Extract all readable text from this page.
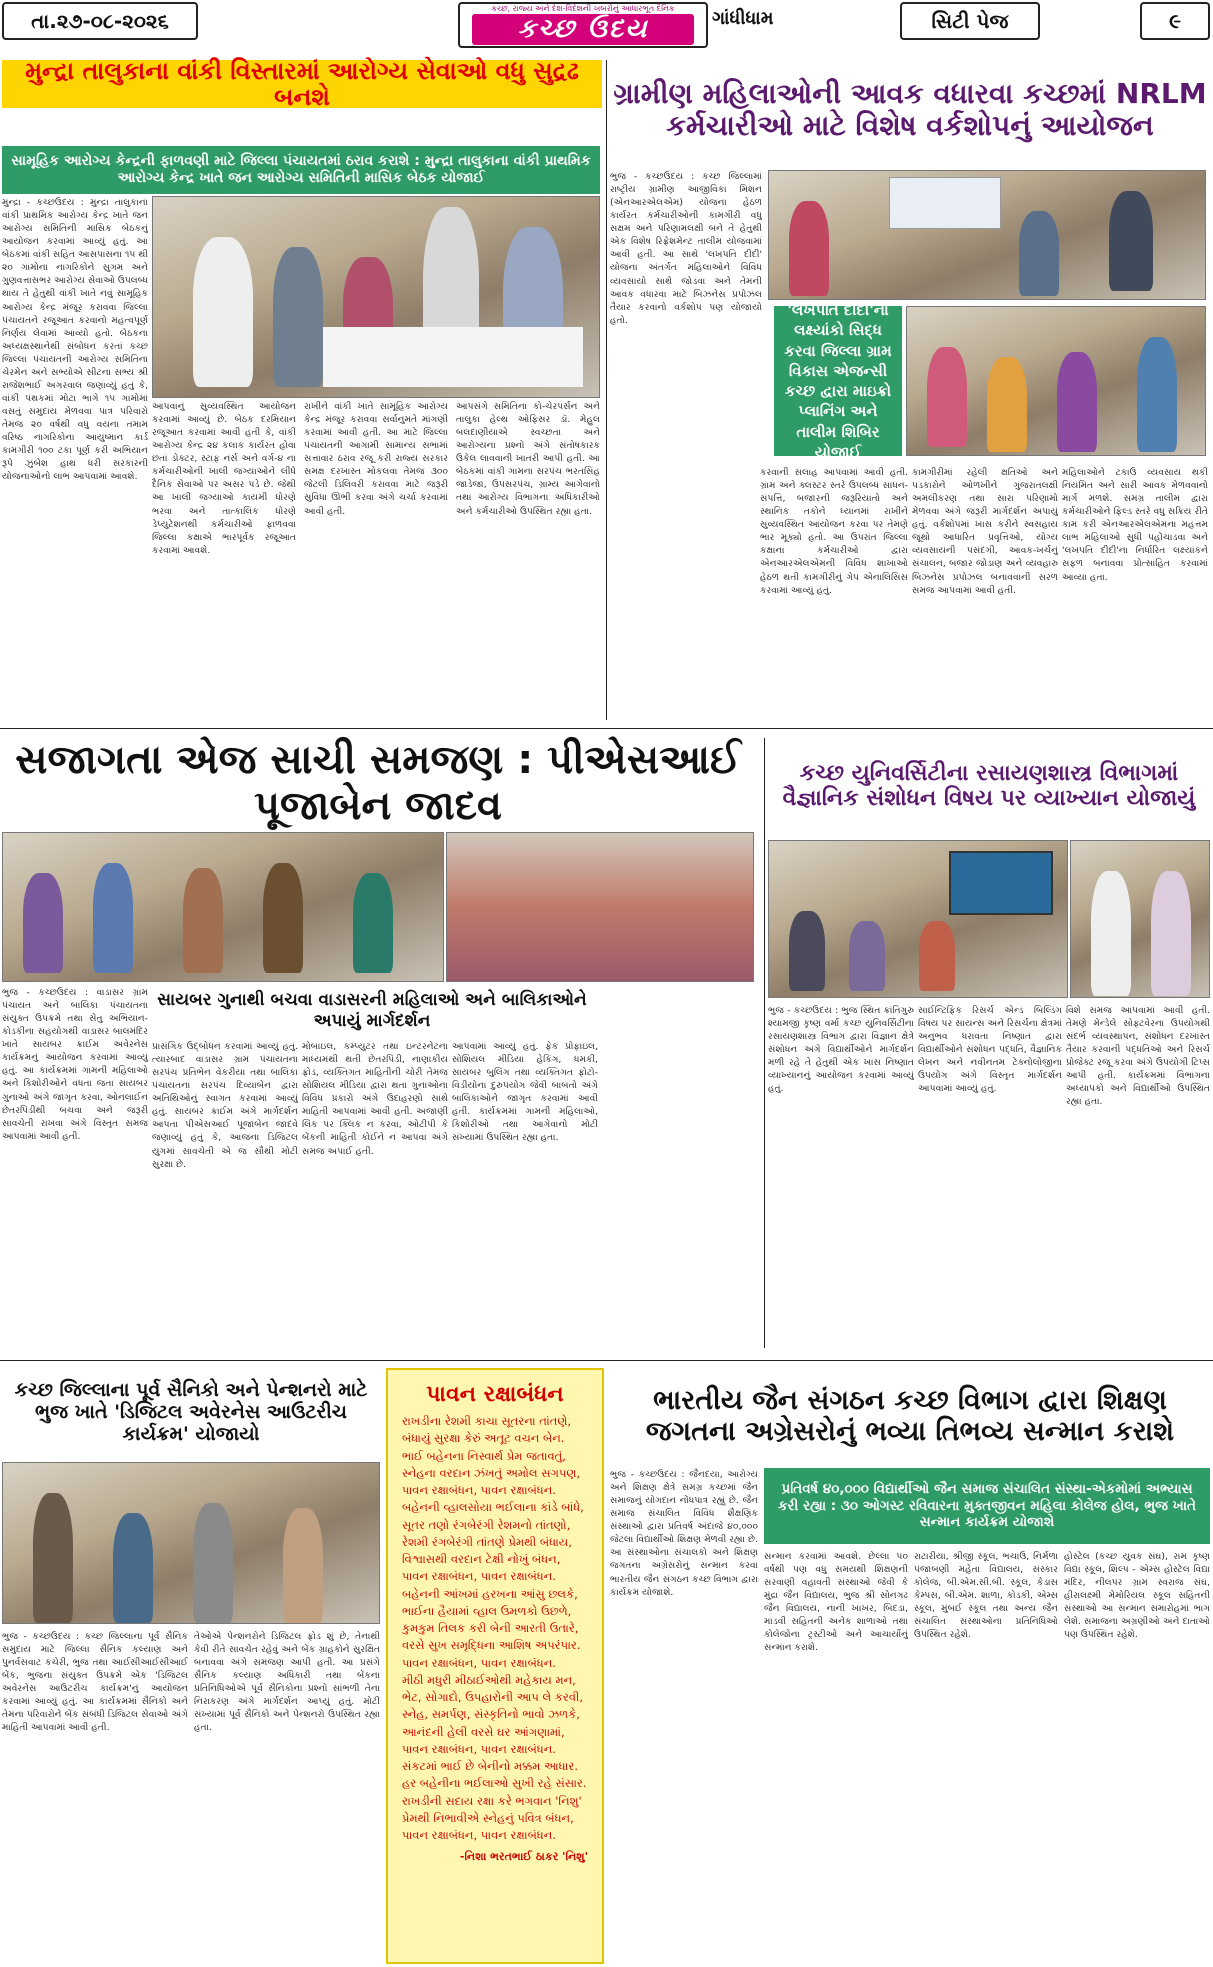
તા.૨૭-૦૮-૨૦૨૬
કચ્છ, રાજ્ય અને દેશ-વિદેશની ખબરોનું આધારભૂત દૈનિક
કચ્છ ઉદય	ગાંધીધામ	સિટી પેજ	૯
મુન્દ્રા તાલુકાના વાંકી વિસ્તારમાં આરોગ્ય સેવાઓ વધુ સુદ્રઢ બનશે
સામૂહિક આરોગ્ય કેન્દ્રની ફાળવણી માટે જિલ્લા પંચાયતમાં ઠરાવ કરાશે : મુન્દ્રા તાલુકાના વાંકી પ્રાથમિક આરોગ્ય કેન્દ્ર ખાતે જન આરોગ્ય સમિતિની માસિક બેઠક યોજાઈ

મુન્દ્રા - કચ્છઉદય : મુન્દ્રા તાલુકાના વાંકી પ્રાથમિક આરોગ્ય કેન્દ્ર ખાતે જન આરોગ્ય સમિતિની માસિક બેઠકનું આયોજન કરવામાં આવ્યું હતું. આ બેઠકમાં વાંકી સહિત આસપાસના ૧૫ થી ૨૦ ગામોના નાગરિકોને સુગમ અને ગુણવત્તાસભર આરોગ્ય સેવાઓ ઉપલબ્ધ થાય તે હેતુથી વાંકી ખાતે નવું સામૂહિક આરોગ્ય કેન્દ્ર મંજૂર કરાવવા જિલ્લા પંચાયતને રજૂઆત કરવાનો મહત્વપૂર્ણ નિર્ણય લેવામાં આવ્યો હતો. બેઠકના અધ્યક્ષસ્થાનેથી સંબોધન કરતાં કચ્છ જિલ્લા પંચાયતની આરોગ્ય સમિતિના ચેરમેન અને સભ્યોએ સીટના સભ્ય શ્રી રાજેશભાઈ અગરવાલ જણાવ્યું હતું કે, વાંકી પંથકમાં મોટા ભાગે ૧૫ ગામોમાં વસતું સમુદાય મેળવવા પાત્ર પરિવારો તેમજ ૨૦ વર્ષથી વધુ વયના તમામ વરિષ્ઠ નાગરિકોના આયુષ્માન કાર્ડ કામગીરી ૧૦૦ ટકા પૂર્ણ કરી અભિયાન રૂપે ઝુંબેશ હાથ ધરી સરકારની યોજનાઓનો લાભ આપવામાં આવશે.

આપવાનું સુવ્યવસ્થિત આયોજન કરવામાં આવ્યું છે. બેઠક દરમિયાન રજૂઆત કરવામાં આવી હતી કે, વાંકી આરોગ્ય કેન્દ્ર ૨૪ કલાક કાર્યરત હોવા છતાં ડોક્ટર, સ્ટાફ નર્સ અને વર્ગ-૪ ના કર્મચારીઓની ખાલી જગ્યાઓને લીધે દૈનિક સેવાઓ પર અસર પડે છે. જેથી આ ખાલી જગ્યાઓ કાયમી ધોરણે ભરવા અને તાત્કાલિક ધોરણે ડેપ્યુટેશનથી કર્મચારીઓ ફાળવવા જિલ્લા કક્ષાએ ભારપૂર્વક રજૂઆત કરવામાં આવશે.

રાખીને વાંકી ખાતે સામૂહિક આરોગ્ય કેન્દ્ર મંજૂર કરાવવા સર્વાનુમતે માંગણી કરવામાં આવી હતી. આ માટે જિલ્લા પંચાયતની આગામી સામાન્ય સભામાં સત્તાવાર ઠરાવ રજૂ કરી રાજ્ય સરકાર સમક્ષ દરખાસ્ત મોકલવા તેમજ ૩૦૦ જેટલી ડિલિવરી કરાવવા માટે જરૂરી સુવિધા ઊભી કરવા અંગે ચર્ચા કરવામાં આવી હતી.

આપસંગે સમિતિના કો-ચેરપર્સન અને તાલુકા હેલ્થ ઓફિસર ડૉ. મેહુલ બલદાણીયાએ સ્વચ્છતા અને આરોગ્યના પ્રશ્નો અંગે સંતોષકારક ઉકેલ લાવવાની ખાતરી આપી હતી. આ બેઠકમાં વાંકી ગામના સરપંચ ભરતસિંહ જાડેજા, ઉપસરપંચ, ગ્રામ્ય આગેવાનો તથા આરોગ્ય વિભાગના અધિકારીઓ અને કર્મચારીઓ ઉપસ્થિત રહ્યા હતા.

ગ્રામીણ મહિલાઓની આવક વધારવા કચ્છમાં NRLM કર્મચારીઓ માટે વિશેષ વર્કશોપનું આયોજન

ભુજ - કચ્છઉદય : કચ્છ જિલ્લામાં રાષ્ટ્રીય ગ્રામીણ આજીવિકા મિશન (એનઆરએલએમ) યોજના હેઠળ કાર્યરત કર્મચારીઓની કામગીરી વધુ સક્ષમ અને પરિણામલક્ષી બને તે હેતુથી એક વિશેષ રિફ્રેશમેન્ટ તાલીમ યોજવામાં આવી હતી. આ સાથે 'લખપતિ દીદી' યોજના અંતર્ગત મહિલાઓને વિવિધ વ્યવસાયો સાથે જોડવા અને તેમની આવક વધારવા માટે બિઝનેસ પ્રપોઝલ તૈયાર કરવાનો વર્કશોપ પણ યોજાયો હતો.

'લખપતિ દીદી'ના લક્ષ્યાંકો સિદ્ધ કરવા જિલ્લા ગ્રામ વિકાસ એજન્સી કચ્છ દ્વારા માઇક્રો પ્લાનિંગ અને તાલીમ શિબિર યોજાઈ

કરવાની સલાહ આપવામાં આવી હતી. ગ્રામ અને ક્લસ્ટર સ્તરે ઉપલબ્ધ સાધન-સંપત્તિ, બજારની જરૂરિયાતો અને સ્થાનિક તકોને ધ્યાનમાં રાખીને સુવ્યવસ્થિત આયોજન કરવા પર તેમણે ભાર મૂક્યો હતો. આ ઉપરાંત જિલ્લા કક્ષાના કર્મચારીઓ દ્વારા એનઆરએલએમની વિવિધ શાખાઓ હેઠળ થતી કામગીરીનું ગેપ એનાલિસિસ કરવામાં આવ્યું હતું.

કામગીરીમાં રહેલી ક્ષતિઓ અને પડકારોને ઓળખીને ગુજરાતલક્ષી અમલીકરણ તથા સારા પરિણામો મેળવવા અંગે જરૂરી માર્ગદર્શન અપાયું હતું. વર્કશોપમાં ખાસ કરીને સ્વસહાય જૂથો આધારિત પ્રવૃત્તિઓ, યોગ્ય વ્યવસાયની પસંદગી, આવક-ખર્ચનું સંચાલન, બજાર જોડાણ અને વ્યવહારુ બિઝનેસ પ્રપોઝલ બનાવવાની સરળ સમજ આપવામાં આવી હતી.

મહિલાઓને ટકાઉ વ્યવસાય થકી નિયમિત અને સારી આવક મેળવવાનો માર્ગ મળશે. સમગ્ર તાલીમ દ્વારા કર્મચારીઓને ફિલ્ડ સ્તરે વધુ સક્રિય રીતે કામ કરી એનઆરએલએમના મહત્તમ લાભ મહિલાઓ સુધી પહોંચાડવા અને 'લખપતિ દીદી'ના નિર્ધારિત લક્ષ્યાંકને સફળ બનાવવા પ્રોત્સાહિત કરવામાં આવ્યા હતા.

સજાગતા એજ સાચી સમજણ : પીએસઆઈ પૂજાબેન જાદવ
સાયબર ગુનાથી બચવા વાડાસરની મહિલાઓ અને બાલિકાઓને અપાયું માર્ગદર્શન

ભુજ - કચ્છઉદય : વાડાસર ગ્રામ પંચાયત અને બાલિકા પંચાયતના સંયુક્ત ઉપક્રમે તથા સેતુ અભિયાન-કોડકીના સહયોગથી વાડાસર બાલમંદિર ખાતે સાયબર ક્રાઈમ અવેરનેસ કાર્યક્રમનું આયોજન કરવામાં આવ્યું હતું. આ કાર્યક્રમમાં ગામની મહિલાઓ અને કિશોરીઓને વધતા જતા સાયબર ગુનાઓ અંગે જાગૃત કરવા, ઓનલાઈન છેતરપિંડીથી બચવા અને જરૂરી સાવચેતી રાખવા અંગે વિસ્તૃત સમજ આપવામાં આવી હતી.

પ્રાસંગિક ઉદ્બોધન કરવામાં આવ્યું હતું. ત્યારબાદ વાડાસર ગ્રામ પંચાયતના સરપંચ પ્રતિભેન વેકરીયા તથા બાલિકા પંચાયતના સરપંચ દિવ્યાબેન દ્વારા અતિથિઓનું સ્વાગત કરવામાં આવ્યું હતું. સાયબર ક્રાઈમ અંગે માર્ગદર્શન આપતા પીએસઆઈ પૂજાબેન જાદવે જણાવ્યું હતું કે, આજના ડિજિટલ યુગમાં સાવચેતી એ જ સૌથી મોટી સુરક્ષા છે.

મોબાઇલ, કમ્પ્યુટર તથા ઇન્ટરનેટના માધ્યમથી થતી છેતરપિંડી, નાણાકીય ફ્રોડ, વ્યક્તિગત માહિતીની ચોરી તેમજ સોશિયલ મીડિયા દ્વારા થતા ગુનાઓના વિવિધ પ્રકારો અંગે ઉદાહરણો સાથે માહિતી આપવામાં આવી હતી. અજાણી લિંક પર ક્લિક ન કરવા, ઓટીપી કે બેંકની માહિતી કોઈને ન આપવા અંગે સમજ અપાઈ હતી.

આપવામાં આવ્યું હતું. ફેક પ્રોફાઇલ, સોશિયલ મીડિયા હેકિંગ, ધમકી, સાયબર બુલિંગ તથા વ્યક્તિગત ફોટો-વિડીયોના દુરુપયોગ જેવી બાબતો અંગે બાલિકાઓને જાગૃત કરવામાં આવી હતી. કાર્યક્રમમાં ગામની મહિલાઓ, કિશોરીઓ તથા આગેવાનો મોટી સંખ્યામાં ઉપસ્થિત રહ્યા હતા.

કચ્છ યુનિવર્સિટીના રસાયણશાસ્ત્ર વિભાગમાં વૈજ્ઞાનિક સંશોધન વિષય પર વ્યાખ્યાન યોજાયું

ભુજ - કચ્છઉદય : ભુજ સ્થિત ક્રાંતિગુરુ શ્યામજી કૃષ્ણ વર્મા કચ્છ યુનિવર્સિટીના રસાયણશાસ્ત્ર વિભાગ દ્વારા વિજ્ઞાન ક્ષેત્રે સંશોધન અંગે વિદ્યાર્થીઓને માર્ગદર્શન મળી રહે તે હેતુથી એક ખાસ નિષ્ણાત વ્યાખ્યાનનું આયોજન કરવામાં આવ્યું હતું.

સાઈન્ટિફિક રિસર્ચ એન્ડ બિલ્ડિંગ વિષય પર સાયન્સ અને રિસર્ચના ક્ષેત્રમાં અનુભવ ધરાવતા નિષ્ણાત દ્વારા વિદ્યાર્થીઓને સંશોધન પદ્ધતિ, વૈજ્ઞાનિક લેખન અને નવીનતમ ટેક્નોલોજીના ઉપયોગ અંગે વિસ્તૃત માર્ગદર્શન આપવામાં આવ્યું હતું.

વિશે સમજ આપવામાં આવી હતી. તેમણે મેન્ડેલે સોફ્ટવેરના ઉપયોગથી સંદર્ભ વ્યવસ્થાપન, સંશોધન દરખાસ્ત તૈયાર કરવાની પદ્ધતિઓ અને રિસર્ચ પ્રોજેક્ટ રજૂ કરવા અંગે ઉપયોગી ટિપ્સ આપી હતી. કાર્યક્રમમાં વિભાગના અધ્યાપકો અને વિદ્યાર્થીઓ ઉપસ્થિત રહ્યા હતા.

કચ્છ જિલ્લાના પૂર્વ સૈનિકો અને પેન્શનરો માટે ભુજ ખાતે 'ડિજિટલ અવેરનેસ આઉટરીચ કાર્યક્રમ' યોજાયો

ભુજ - કચ્છઉદય : કચ્છ જિલ્લાના પૂર્વ સૈનિક સમુદાય માટે જિલ્લા સૈનિક કલ્યાણ અને પુનર્વસવાટ કચેરી, ભુજ તથા આઈસીઆઈસીઆઈ બેંક, ભુજના સંયુક્ત ઉપક્રમે એક 'ડિજિટલ અવેરનેસ આઉટરીચ કાર્યક્રમ'નું આયોજન કરવામાં આવ્યું હતું. આ કાર્યક્રમમાં સૈનિકો અને તેમના પરિવારોને બેંક સંબંધી ડિજિટલ સેવાઓ અંગે માહિતી આપવામાં આવી હતી.

તેઓએ પેન્શનરોને ડિજિટલ ફ્રોડ શું છે, તેનાથી કેવી રીતે સાવચેત રહેવું અને બેંક ગ્રાહકોને સુરક્ષિત બનાવવા અંગે સમજણ આપી હતી. આ પ્રસંગે સૈનિક કલ્યાણ અધિકારી તથા બેંકના પ્રતિનિધિઓએ પૂર્વ સૈનિકોના પ્રશ્નો સાંભળી તેના નિરાકરણ અંગે માર્ગદર્શન આપ્યું હતું. મોટી સંખ્યામાં પૂર્વ સૈનિકો અને પેન્શનરો ઉપસ્થિત રહ્યા હતા.

પાવન રક્ષાબંધન
રાખડીના રેશમી કાચા સૂતરના તાંતણે,
બંધાયું સુરક્ષા કેરું અતૂટ વચન બેન.
ભાઈ બહેનના નિસ્વાર્થ પ્રેમ જતાવતું,
સ્નેહના વરદાન ઝંખતું અમોલ સગપણ,
પાવન રક્ષાબંધન, પાવન રક્ષાબંધન.
બહેનની વ્હાલસોયા ભઈલાના કાંડે બાંધે,
સૂતર તણો રંગબેરંગી રેશમનો તાંતણો,
રેશમી રંગબેરંગી તાંતણે પ્રેમથી બંધાય,
વિશ્વાસથી વરદાન ટેક્ષી નોખું બંધન,
પાવન રક્ષાબંધન, પાવન રક્ષાબંધન.
બહેનની આંખમાં હરખના આંસુ છલકે,
ભાઈના હૈયામાં વ્હાલ ઉમળકો ઉછળે,
કુમકુમ તિલક કરી બેની આરતી ઉતારે,
વરસે સુખ સમૃદ્ધિના આશિષ અપરંપાર.
પાવન રક્ષાબંધન, પાવન રક્ષાબંધન.
મીઠી મધુરી મીઠાઈઓથી મહેકાય મન,
ભેટ, સોગાદો, ઉપહારોની આપ લે કરવી,
સ્નેહ, સમર્પણ, સંસ્કૃતિનો ભાવો ઝળકે,
આનંદની હેલી વરસે ઘર આંગણામાં,
પાવન રક્ષાબંધન, પાવન રક્ષાબંધન.
સંકટમાં ભાઈ છે બેનીનો મક્કમ આધાર.
હર બહેનીના ભઈલાઓ સુખી રહે સંસાર.
રાખડીની સદાય રક્ષા કરે ભગવાન 'નિશુ'
પ્રેમથી નિભાવીએ સ્નેહનું પવિત્ર બંધન,
પાવન રક્ષાબંધન, પાવન રક્ષાબંધન.
-નિશા ભરતભાઈ ઠાકર 'નિશુ'
ભારતીય જૈન સંગઠન કચ્છ વિભાગ દ્વારા શિક્ષણ જગતના અગ્રેસરોનું ભવ્યા તિભવ્ય સન્માન કરાશે
પ્રતિવર્ષ ૪૦,૦૦૦ વિદ્યાર્થીઓ જૈન સમાજ સંચાલિત સંસ્થા-એકમોમાં અભ્યાસ કરી રહ્યા : ૩૦ ઓગસ્ટ રવિવારના મુક્તજીવન મહિલા કોલેજ હોલ, ભુજ ખાતે સન્માન કાર્યક્રમ યોજાશે

ભુજ - કચ્છઉદય : જૈનદયા, આરોગ્ય અને શિક્ષણ ક્ષેત્રે સમગ્ર કચ્છમાં જૈન સમાજનું યોગદાન નોંધપાત્ર રહ્યું છે. જૈન સમાજ સંચાલિત વિવિધ શૈક્ષણિક સંસ્થાઓ દ્વારા પ્રતિવર્ષ અંદાજે ૪૦,૦૦૦ જેટલા વિદ્યાર્થીઓ શિક્ષણ મેળવી રહ્યા છે. આ સંસ્થાઓના સંચાલકો અને શિક્ષણ જગતના અગ્રેસરોનું સન્માન કરવા ભારતીય જૈન સંગઠન કચ્છ વિભાગ દ્વારા કાર્યક્રમ યોજાશે.

સન્માન કરવામાં આવશે. છેલ્લા ૫૦ વર્ષથી પણ વધુ સમયથી શિક્ષણની સરવાણી વહાવતી સંસ્થાઓ જેવી કે મુંદ્રા જૈન વિદ્યાલય, ભુજ શ્રી સોનગઢ જૈન વિદ્યાલય, નાની ખાખર, બિદડા, માંડવી સહિતની અનેક શાળાઓ તથા કોલેજોના ટ્રસ્ટીઓ અને આચાર્યોનું સન્માન કરાશે.

રાટારીયા, શ્રીજી સ્કૂલ, ભચાઉ, નિર્મળા પંજાબણી મહેતા વિદ્યાલય, સંસ્કાર કોલેજ, બી.એમ.સી.બી. સ્કૂલ, કેડાસ કેમ્પસ, બી.એમ. શાળા, કોડકી, એમ્સ સ્કૂલ, મુંબઈ સ્કૂલ તથા અન્ય જૈન સંચાલિત સંસ્થાઓના પ્રતિનિધિઓ ઉપસ્થિત રહેશે.

હોસ્ટેલ (કચ્છ યુવક સંઘ), રામ કૃષ્ણ વિદ્યા સ્કૂલ, શિલ્પ - એમ્સ હોસ્ટેલ વિદ્યા મંદિર, નીલપર ગ્રામ સ્વરાજ સંઘ, હીરાલક્ષ્મી મેમોરિયલ સ્કૂલ સહિતની સંસ્થાઓ આ સન્માન સમારોહમાં ભાગ લેશે. સમાજના અગ્રણીઓ અને દાતાઓ પણ ઉપસ્થિત રહેશે.
